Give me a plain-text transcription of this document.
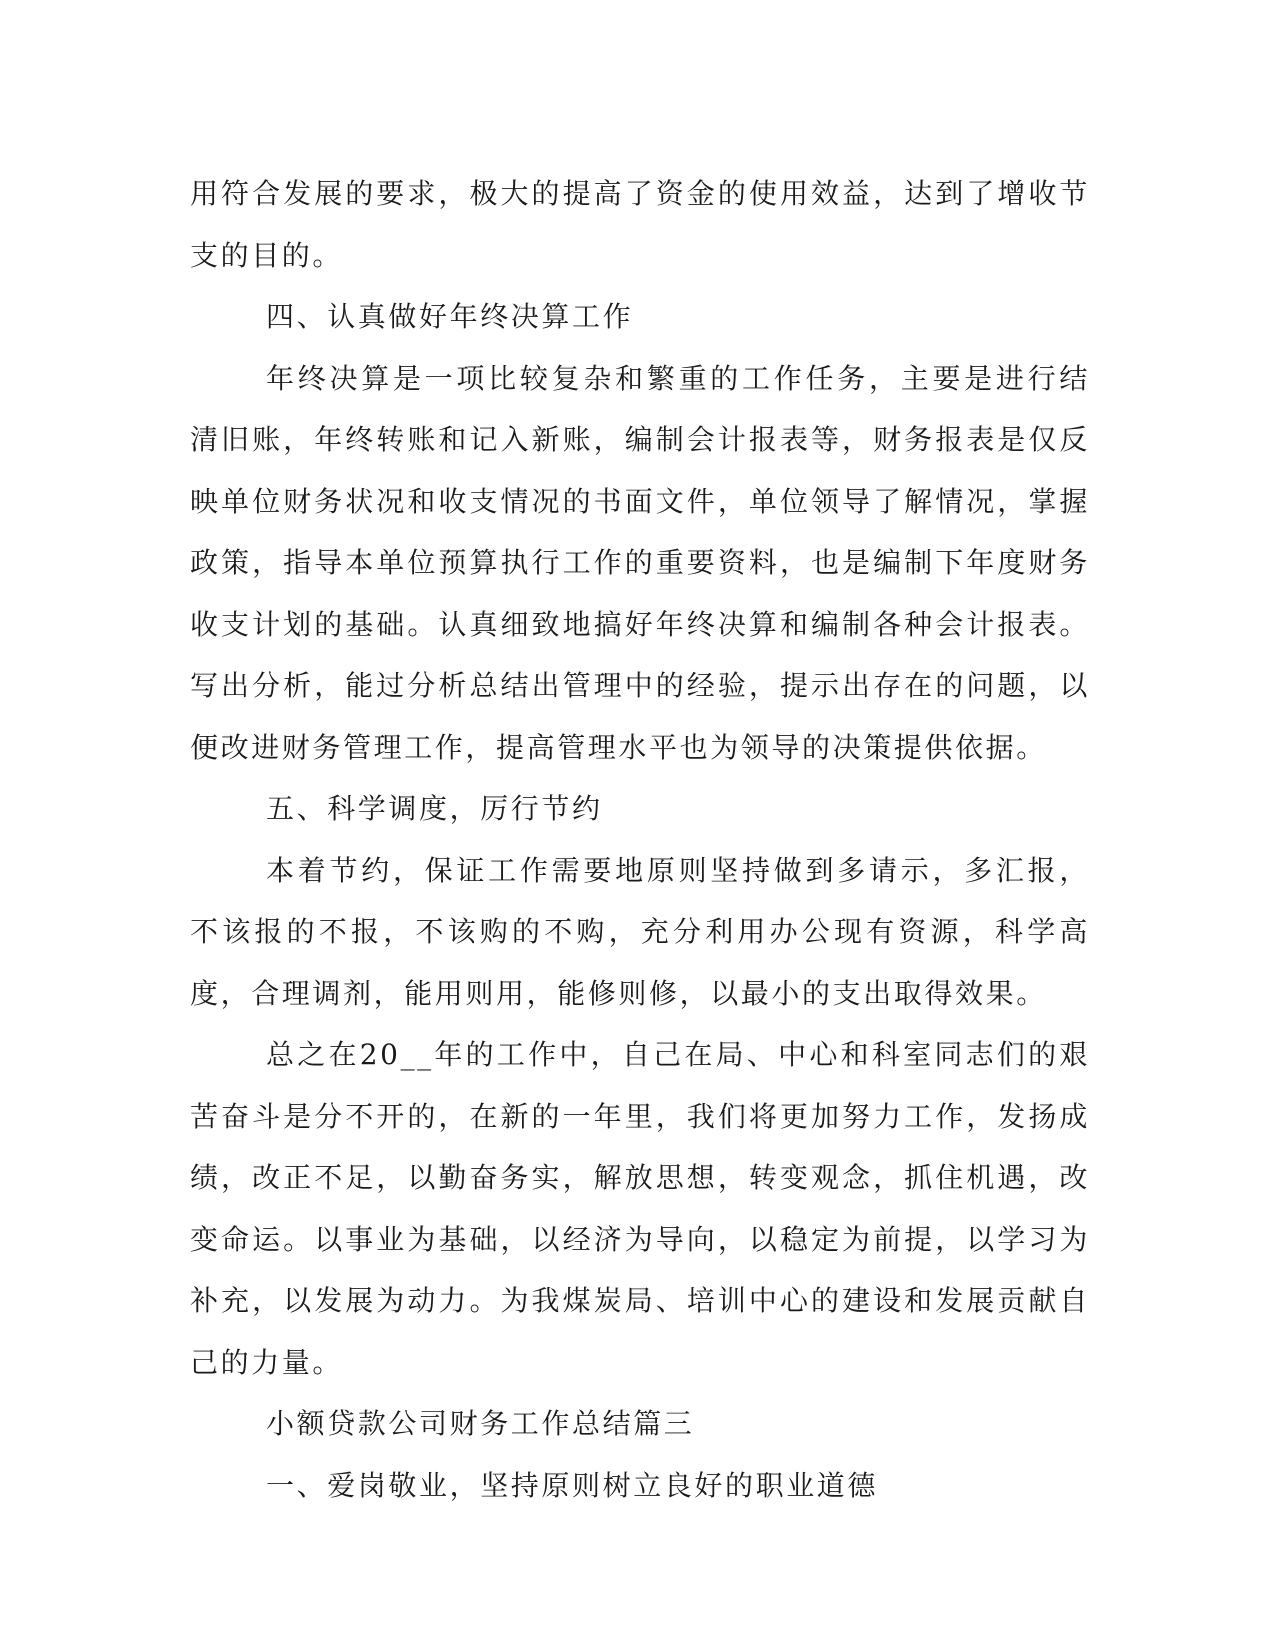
用符合发展的要求，极大的提高了资金的使用效益，达到了增收节支的目的。

四、认真做好年终决算工作

年终决算是一项比较复杂和繁重的工作任务，主要是进行结清旧账，年终转账和记入新账，编制会计报表等，财务报表是仅反映单位财务状况和收支情况的书面文件，单位领导了解情况，掌握政策，指导本单位预算执行工作的重要资料，也是编制下年度财务收支计划的基础。认真细致地搞好年终决算和编制各种会计报表。写出分析，能过分析总结出管理中的经验，提示出存在的问题，以便改进财务管理工作，提高管理水平也为领导的决策提供依据。

五、科学调度，厉行节约

本着节约，保证工作需要地原则坚持做到多请示，多汇报，不该报的不报，不该购的不购，充分利用办公现有资源，科学高度，合理调剂，能用则用，能修则修，以最小的支出取得效果。

总之在20__年的工作中，自己在局、中心和科室同志们的艰苦奋斗是分不开的，在新的一年里，我们将更加努力工作，发扬成绩，改正不足，以勤奋务实，解放思想，转变观念，抓住机遇，改变命运。以事业为基础，以经济为导向，以稳定为前提，以学习为补充，以发展为动力。为我煤炭局、培训中心的建设和发展贡献自己的力量。

小额贷款公司财务工作总结篇三

一、爱岗敬业，坚持原则树立良好的职业道德
